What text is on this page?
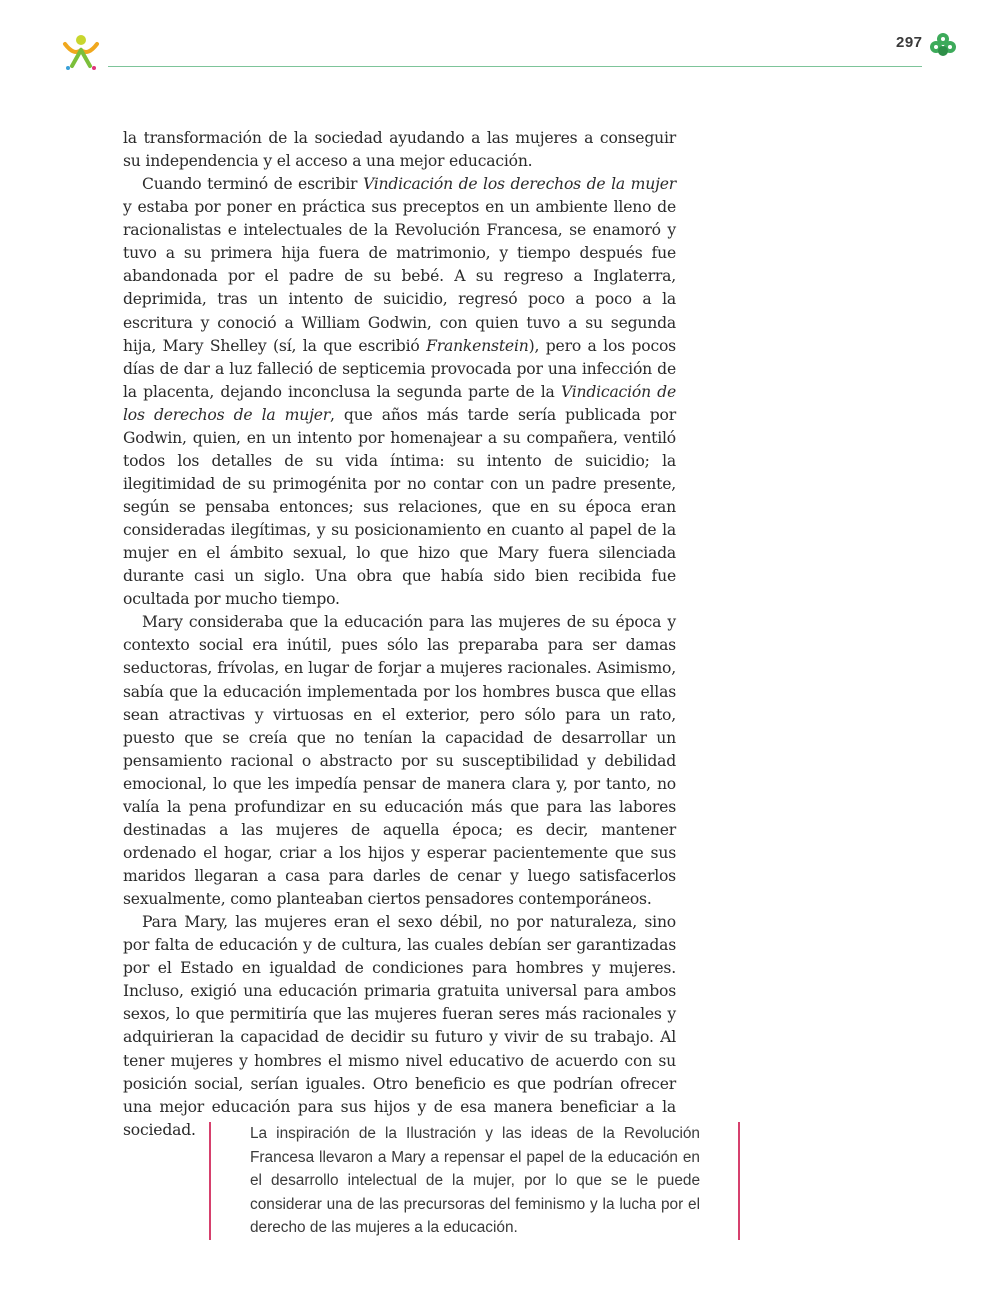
297

la transformación de la sociedad ayudando a las mujeres a conseguir su independencia y el acceso a una mejor educación.

Cuando terminó de escribir Vindicación de los derechos de la mujer y estaba por poner en práctica sus preceptos en un ambiente lleno de racionalistas e intelectuales de la Revolución Francesa, se enamoró y tuvo a su primera hija fuera de matrimonio, y tiempo después fue abandonada por el padre de su bebé. A su regreso a Inglaterra, deprimida, tras un intento de suicidio, regresó poco a poco a la escritura y conoció a William Godwin, con quien tuvo a su segunda hija, Mary Shelley (sí, la que escribió Frankenstein), pero a los pocos días de dar a luz falleció de septicemia provocada por una infección de la placenta, dejando inconclusa la segunda parte de la Vindicación de los derechos de la mujer, que años más tarde sería publicada por Godwin, quien, en un intento por homenajear a su compañera, ventiló todos los detalles de su vida íntima: su intento de suicidio; la ilegitimidad de su primogénita por no contar con un padre presente, según se pensaba entonces; sus relaciones, que en su época eran consideradas ilegítimas, y su posicionamiento en cuanto al papel de la mujer en el ámbito sexual, lo que hizo que Mary fuera silenciada durante casi un siglo. Una obra que había sido bien recibida fue ocultada por mucho tiempo.

Mary consideraba que la educación para las mujeres de su época y contexto social era inútil, pues sólo las preparaba para ser damas seductoras, frívolas, en lugar de forjar a mujeres racionales. Asimismo, sabía que la educación implementada por los hombres busca que ellas sean atractivas y virtuosas en el exterior, pero sólo para un rato, puesto que se creía que no tenían la capacidad de desarrollar un pensamiento racional o abstracto por su susceptibilidad y debilidad emocional, lo que les impedía pensar de manera clara y, por tanto, no valía la pena profundizar en su educación más que para las labores destinadas a las mujeres de aquella época; es decir, mantener ordenado el hogar, criar a los hijos y esperar pacientemente que sus maridos llegaran a casa para darles de cenar y luego satisfacerlos sexualmente, como planteaban ciertos pensadores contemporáneos.

Para Mary, las mujeres eran el sexo débil, no por naturaleza, sino por falta de educación y de cultura, las cuales debían ser garantizadas por el Estado en igualdad de condiciones para hombres y mujeres. Incluso, exigió una educación primaria gratuita universal para ambos sexos, lo que permitiría que las mujeres fueran seres más racionales y adquirieran la capacidad de decidir su futuro y vivir de su trabajo. Al tener mujeres y hombres el mismo nivel educativo de acuerdo con su posición social, serían iguales. Otro beneficio es que podrían ofrecer una mejor educación para sus hijos y de esa manera beneficiar a la sociedad.	La inspiración de la Ilustración y las ideas de la Revolución Francesa llevaron a Mary a repensar el papel de la educación en el desarrollo intelectual de la mujer, por lo que se le puede considerar una de las precursoras del feminismo y la lucha por el derecho de las mujeres a la educación.
